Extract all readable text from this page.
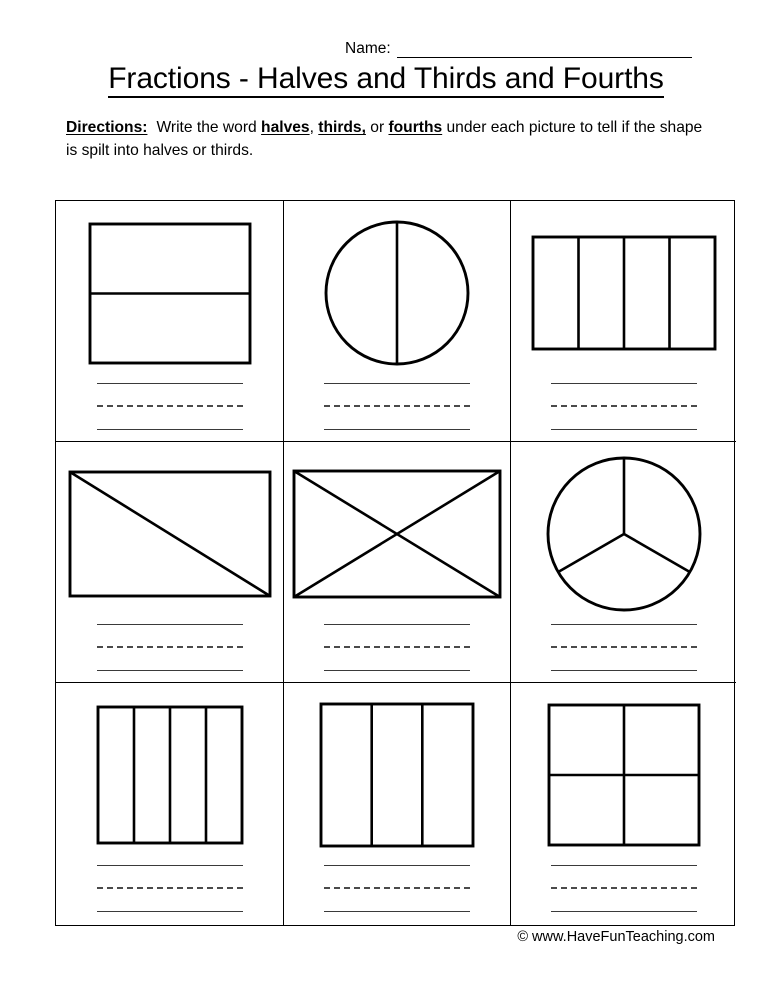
Name:
Fractions - Halves and Thirds and Fourths
Directions: Write the word halves, thirds, or fourths under each picture to tell if the shape is spilt into halves or thirds.
© www.HaveFunTeaching.com
